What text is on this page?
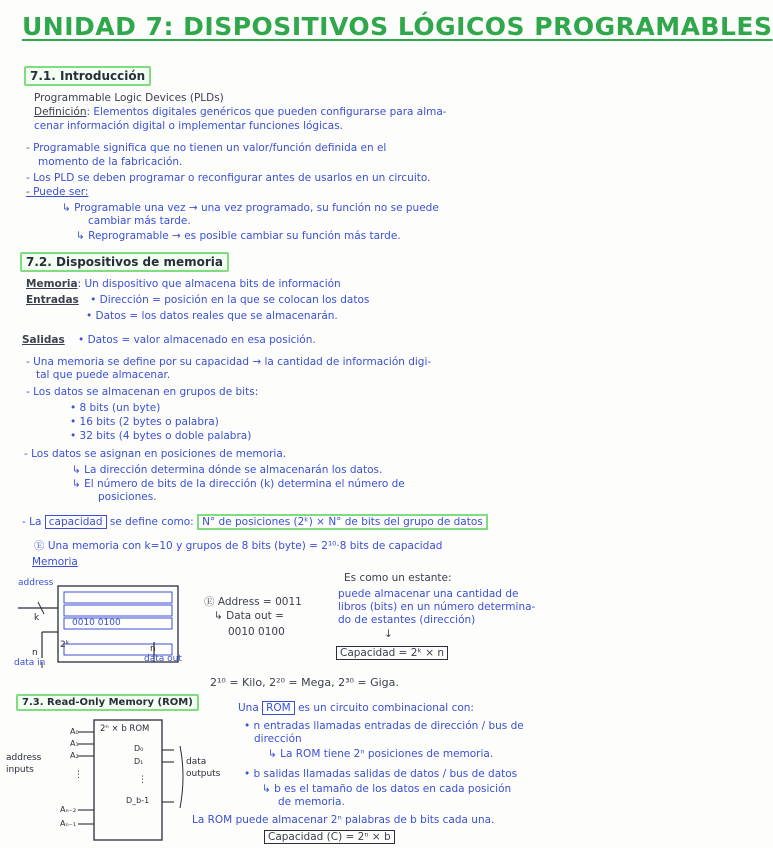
UNIDAD 7: DISPOSITIVOS LÓGICOS PROGRAMABLES
7.1. Introducción
Programmable Logic Devices (PLDs)
Definición: Elementos digitales genéricos que pueden configurarse para alma-
cenar información digital o implementar funciones lógicas.
- Programable significa que no tienen un valor/función definida en el
momento de la fabricación.
- Los PLD se deben programar o reconfigurar antes de usarlos en un circuito.
- Puede ser:
↳ Programable una vez → una vez programado, su función no se puede
cambiar más tarde.
↳ Reprogramable → es posible cambiar su función más tarde.
7.2. Dispositivos de memoria
Memoria: Un dispositivo que almacena bits de información
Entradas • Dirección = posición en la que se colocan los datos
• Datos = los datos reales que se almacenarán.
Salidas • Datos = valor almacenado en esa posición.
- Una memoria se define por su capacidad → la cantidad de información digi-
tal que puede almacenar.
- Los datos se almacenan en grupos de bits:
• 8 bits (un byte)
• 16 bits (2 bytes o palabra)
• 32 bits (4 bytes o doble palabra)
- Los datos se asignan en posiciones de memoria.
↳ La dirección determina dónde se almacenarán los datos.
↳ El número de bits de la dirección (k) determina el número de
posiciones.
- La capacidad se define como: N° de posiciones (2ᵏ) × N° de bits del grupo de datos
Ⓔ Una memoria con k=10 y grupos de 8 bits (byte) = 2¹⁰·8 bits de capacidad
Memoria
address
k	0010 0100
2ᵏ
n	n
data in	data out
Ⓔ Address = 0011
↳ Data out =
0010 0100
Es como un estante:
puede almacenar una cantidad de
libros (bits) en un número determina-
do de estantes (dirección)
↓
Capacidad = 2ᵏ × n
2¹⁰ = Kilo, 2²⁰ = Mega, 2³⁰ = Giga.
7.3. Read-Only Memory (ROM)
2ⁿ × b ROM
A₀
A₁
A₂
⋮
Aₙ₋₂
Aₙ₋₁
D₀
D₁
⋮
D_b-1
address inputs
data outputs
Una ROM es un circuito combinacional con:
• n entradas llamadas entradas de dirección / bus de
dirección
↳ La ROM tiene 2ⁿ posiciones de memoria.
• b salidas llamadas salidas de datos / bus de datos
↳ b es el tamaño de los datos en cada posición
de memoria.
La ROM puede almacenar 2ⁿ palabras de b bits cada una.
Capacidad (C) = 2ⁿ × b
